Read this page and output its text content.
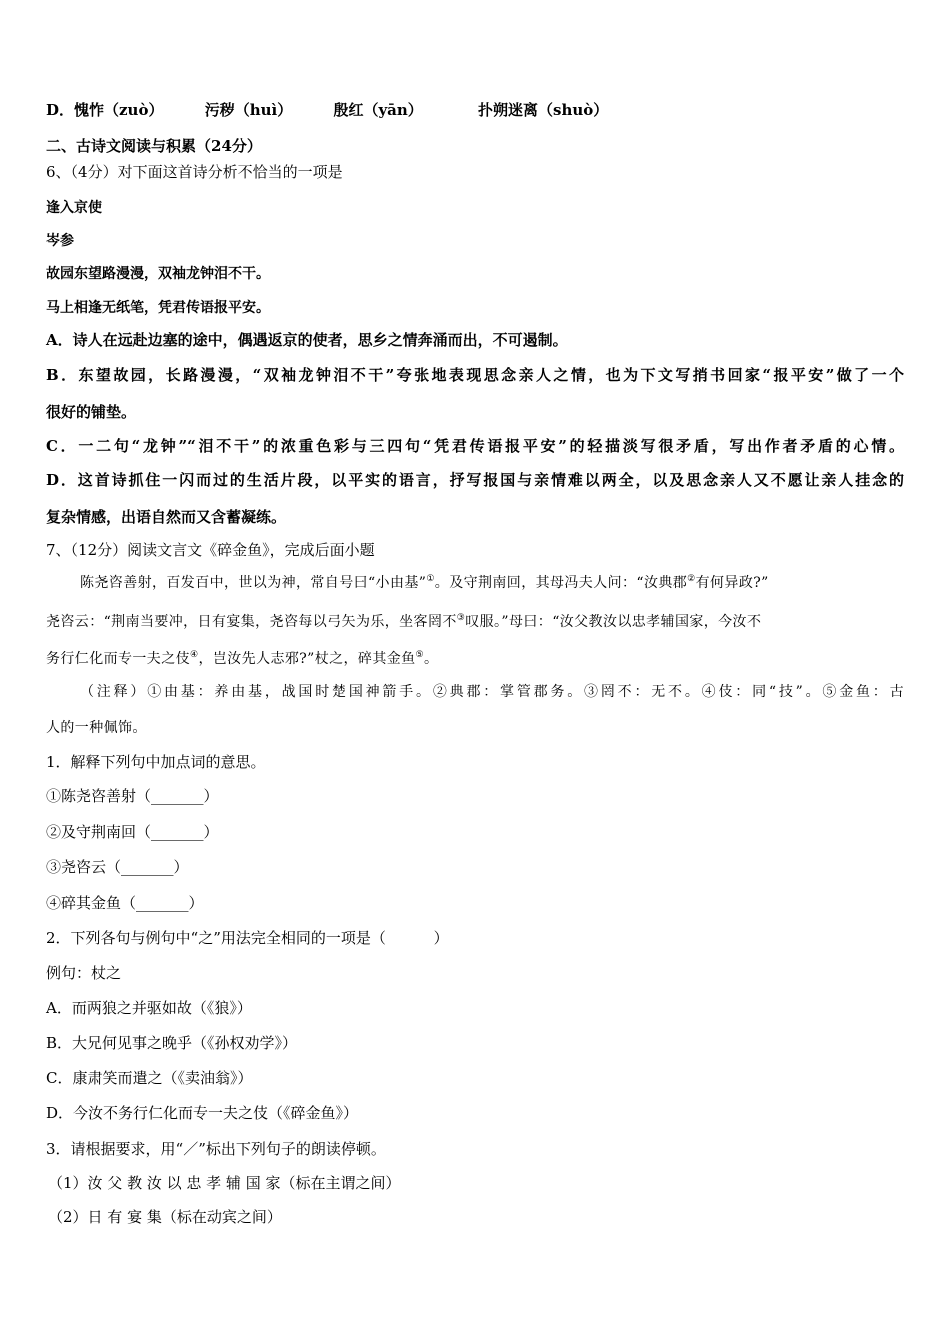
D．愧怍（zuò）	污秽（huì）	殷红（yān）	扑朔迷离（shuò）
二、古诗文阅读与积累（24分）
6、（4分）对下面这首诗分析不恰当的一项是
逢入京使
岑参
故园东望路漫漫，双袖龙钟泪不干。
马上相逢无纸笔，凭君传语报平安。
A．诗人在远赴边塞的途中，偶遇返京的使者，思乡之情奔涌而出，不可遏制。
B．东望故园，长路漫漫，“双袖龙钟泪不干”夸张地表现思念亲人之情，也为下文写捎书回家“报平安”做了一个
很好的铺垫。
C．一二句“龙钟”“泪不干”的浓重色彩与三四句“凭君传语报平安”的轻描淡写很矛盾，写出作者矛盾的心情。
D．这首诗抓住一闪而过的生活片段，以平实的语言，抒写报国与亲情难以两全，以及思念亲人又不愿让亲人挂念的
复杂情感，出语自然而又含蓄凝练。
7、（12分）阅读文言文《碎金鱼》，完成后面小题
陈尧咨善射，百发百中，世以为神，常自号曰“小由基”①。及守荆南回，其母冯夫人问：“汝典郡②有何异政?”
尧咨云：“荆南当要冲，日有宴集，尧咨每以弓矢为乐，坐客罔不③叹服。”母曰：“汝父教汝以忠孝辅国家，今汝不
务行仁化而专一夫之伎④，岂汝先人志邪?”杖之，碎其金鱼⑤。
（注释）①由基：养由基，战国时楚国神箭手。②典郡：掌管郡务。③罔不：无不。④伎：同“技”。⑤金鱼：古
人的一种佩饰。
1．解释下列句中加点词的意思。
①陈尧咨善射（_______）
②及守荆南回（_______）
③尧咨云（_______）
④碎其金鱼（_______）
2．下列各句与例句中“之”用法完全相同的一项是（          ）
例句：杖之
A．而两狼之并驱如故（《狼》）
B．大兄何见事之晚乎（《孙权劝学》）
C．康肃笑而遣之（《卖油翁》）
D．今汝不务行仁化而专一夫之伎（《碎金鱼》）
3．请根据要求，用“／”标出下列句子的朗读停顿。
（1）汝 父 教 汝 以 忠 孝 辅 国 家（标在主谓之间）
（2）日 有 宴 集（标在动宾之间）
